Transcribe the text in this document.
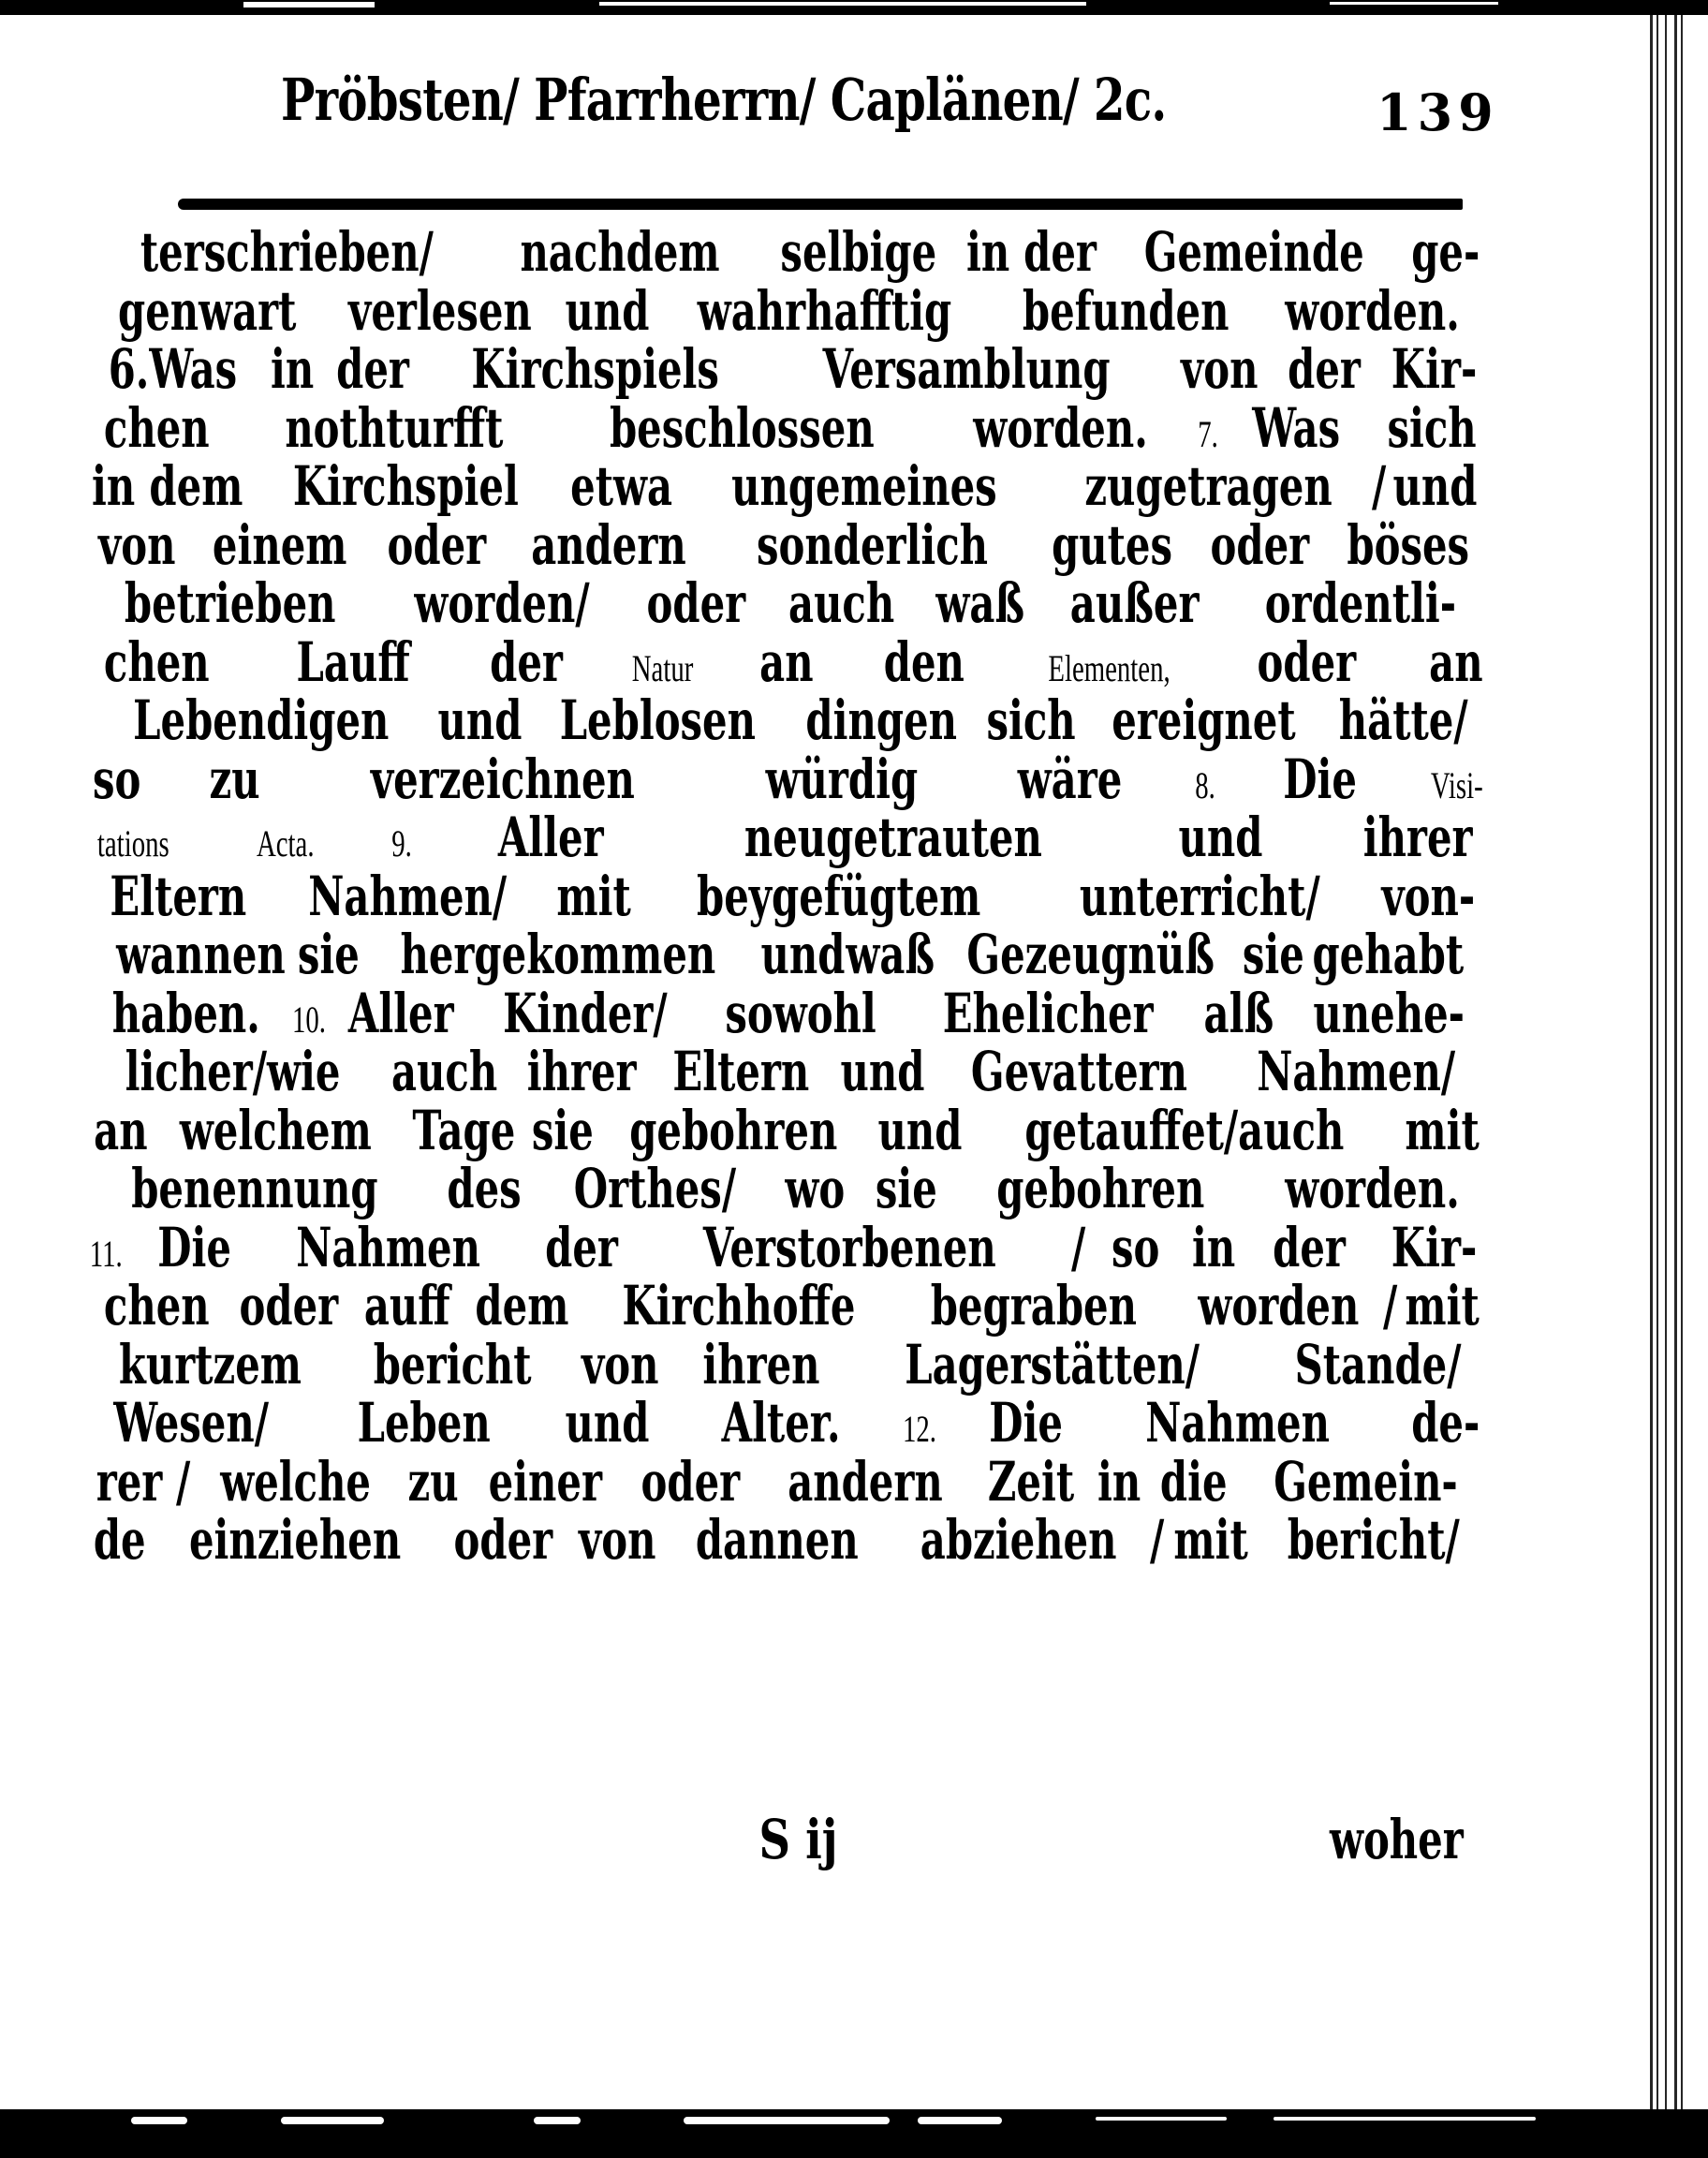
Pröbsten/ Pfarrherrn/ Caplänen/ 2c.	139
terschrieben/ nachdem selbige in der Gemeinde ge-
genwart verlesen und wahrhafftig befunden worden.
6.Was in der Kirchspiels Versamblung von der Kir-
chen nothturfft beschlossen worden. 7. Was sich
in dem Kirchspiel etwa ungemeines zugetragen / und
von einem oder andern sonderlich gutes oder böses
betrieben worden/ oder auch waß außer ordentli-
chen Lauff der Natur an den Elementen, oder an
Lebendigen und Leblosen dingen sich ereignet hätte/
so zu verzeichnen würdig wäre 8. Die Visi-
tations Acta. 9. Aller	neugetrauten	und ihrer
Eltern Nahmen/ mit beygefügtem unterricht/ von-
wannen sie hergekommen und waß Gezeugnüß sie gehabt
haben. 10. Aller Kinder/ sowohl Ehelicher alß unehe-
licher/wie auch ihrer Eltern und Gevattern Nahmen/
an welchem Tage sie gebohren und getauffet/auch mit
benennung des Orthes/ wo sie gebohren worden.
11. Die Nahmen der Verstorbenen / so in der Kir-
chen oder auff dem Kirchhoffe begraben worden / mit
kurtzem bericht von ihren Lagerstätten/ Stande/
Wesen/ Leben und Alter. 12. Die Nahmen de-
rer / welche zu einer oder andern Zeit in die Gemein-
de einziehen oder von dannen abziehen / mit bericht/
S ij	woher
